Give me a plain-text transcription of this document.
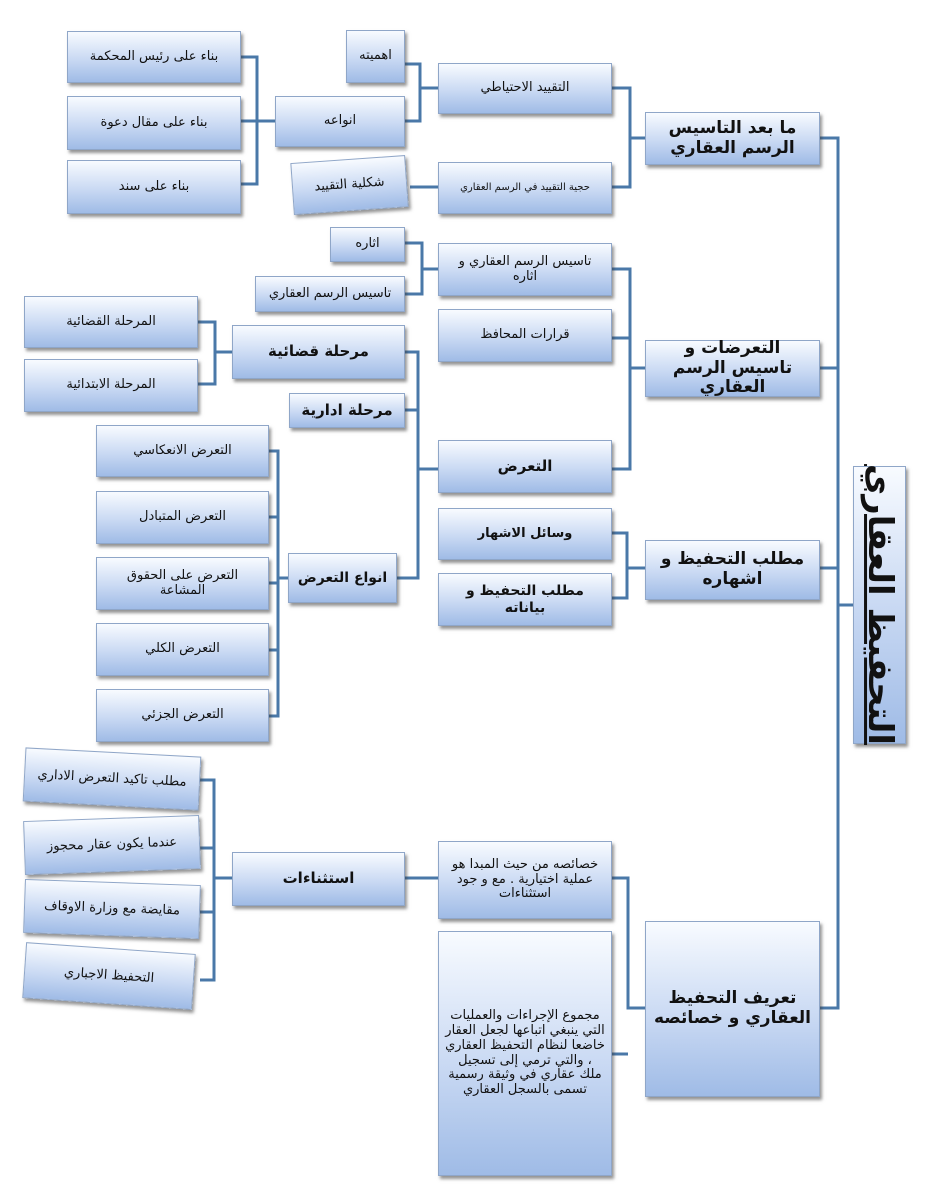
التحفيظ العقاري
ما بعد التاسيس الرسم العقاري
التعرضات و تاسيس الرسم العقاري
مطلب التحفيظ و اشهاره
تعريف التحفيظ العقاري و خصائصه
التقييد الاحتياطي
اهميته
انواعه
بناء على رئيس المحكمة
بناء على مقال دعوة
بناء على سند	حجية التقييد في الرسم العقاري
شكلية التقييد
تاسيس الرسم العقاري و اثاره
اثاره
تاسيس الرسم العقاري
قرارات المحافظ
التعرض
مرحلة قضائية
المرحلة القضائية
المرحلة الابتدائية
مرحلة ادارية
انواع التعرض
التعرض الانعكاسي
التعرض المتبادل
التعرض على الحقوق المشاعة
التعرض الكلي
التعرض الجزئي
وسائل الاشهار
مطلب التحفيظ و بياناته
خصائصه من حيث المبدا هو عملية اختيارية . مع و جود استثناءات
استثناءات
مطلب تاكيد التعرض الاداري
عندما يكون عقار محجوز
مقايضة مع وزارة الاوقاف
التحفيظ الاجباري
مجموع الإجراءات والعمليات التي ينبغي اتباعها لجعل العقار خاضعا لنظام التحفيظ العقاري ، والتي ترمي إلى تسجيل ملك عقاري في وثيقة رسمية تسمى بالسجل العقاري
